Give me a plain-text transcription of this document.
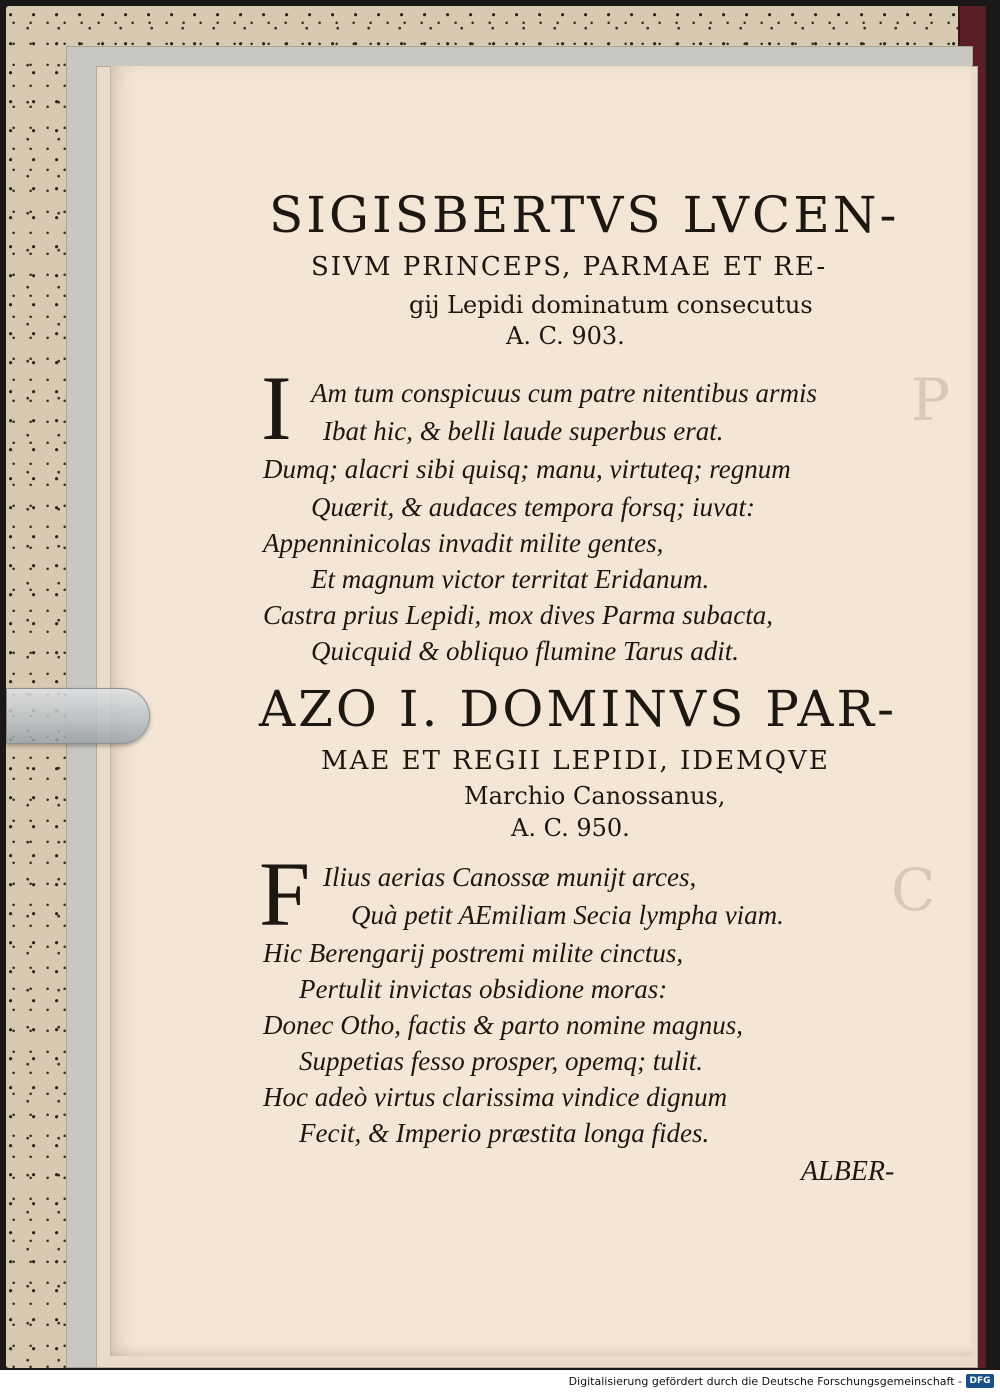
P
C
SIGISBERTVS LVCEN-
SIVM PRINCEPS, PARMAE ET RE-
gij Lepidi dominatum consecutus
A. C. 903.
I Am tum conspicuus cum patre nitentibus armis
Ibat hic, & belli laude superbus erat.
Dumq; alacri sibi quisq; manu, virtuteq; regnum
Quærit, & audaces tempora forsq; iuvat:
Appenninicolas invadit milite gentes,
Et magnum victor territat Eridanum.
Castra prius Lepidi, mox dives Parma subacta,
Quicquid & obliquo flumine Tarus adit.
AZO I. DOMINVS PAR-
MAE ET REGII LEPIDI, IDEMQVE
Marchio Canossanus,
A. C. 950.
F Ilius aerias Canossæ munijt arces,
Quà petit AEmiliam Secia lympha viam.
Hic Berengarij postremi milite cinctus,
Pertulit invictas obsidione moras:
Donec Otho, factis & parto nomine magnus,
Suppetias fesso prosper, opemq; tulit.
Hoc adeò virtus clarissima vindice dignum
Fecit, & Imperio præstita longa fides.
ALBER-
Digitalisierung gefördert durch die Deutsche Forschungsgemeinschaft - DFG
